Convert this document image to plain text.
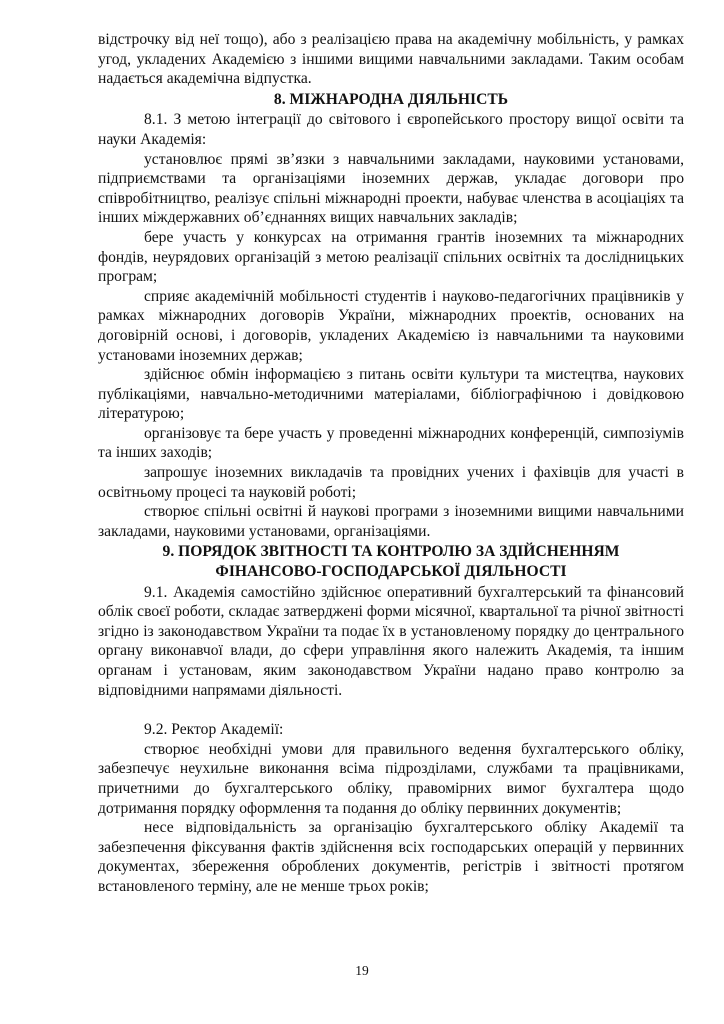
відстрочку від неї тощо), або з реалізацією права на академічну мобільність, у рамках угод, укладених Академією з іншими вищими навчальними закладами. Таким особам надається академічна відпустка.

8. МІЖНАРОДНА ДІЯЛЬНІСТЬ

8.1. З метою інтеграції до світового і європейського простору вищої освіти та науки Академія:

установлює прямі зв’язки з навчальними закладами, науковими установами, підприємствами та організаціями іноземних держав, укладає договори про співробітництво, реалізує спільні міжнародні проекти, набуває членства в асоціаціях та інших міждержавних об’єднаннях вищих навчальних закладів;

бере участь у конкурсах на отримання грантів іноземних та міжнародних фондів, неурядових організацій з метою реалізації спільних освітніх та дослідницьких програм;

сприяє академічній мобільності студентів і науково-педагогічних працівників у рамках міжнародних договорів України, міжнародних проектів, основаних на договірній основі, і договорів, укладених Академією із навчальними та науковими установами іноземних держав;

здійснює обмін інформацією з питань освіти культури та мистецтва, наукових публікаціями, навчально-методичними матеріалами, бібліографічною і довідковою літературою;

організовує та бере участь у проведенні міжнародних конференцій, симпозіумів та інших заходів;

запрошує іноземних викладачів та провідних учених і фахівців для участі в освітньому процесі та науковій роботі;

створює спільні освітні й наукові програми з іноземними вищими навчальними закладами, науковими установами, організаціями.

9. ПОРЯДОК ЗВІТНОСТІ ТА КОНТРОЛЮ ЗА ЗДІЙСНЕННЯМ
ФІНАНСОВО-ГОСПОДАРСЬКОЇ ДІЯЛЬНОСТІ

9.1. Академія самостійно здійснює оперативний бухгалтерський та фінансовий облік своєї роботи, складає затверджені форми місячної, квартальної та річної звітності згідно із законодавством України та подає їх в установленому порядку до центрального органу виконавчої влади, до сфери управління якого належить Академія, та іншим органам і установам, яким законодавством України надано право контролю за відповідними напрямами діяльності.

9.2. Ректор Академії:

створює необхідні умови для правильного ведення бухгалтерського обліку, забезпечує неухильне виконання всіма підрозділами, службами та працівниками, причетними до бухгалтерського обліку, правомірних вимог бухгалтера щодо дотримання порядку оформлення та подання до обліку первинних документів;

несе відповідальність за організацію бухгалтерського обліку Академії та забезпечення фіксування фактів здійснення всіх господарських операцій у первинних документах, збереження оброблених документів, регістрів і звітності протягом встановленого терміну, але не менше трьох років;

19
